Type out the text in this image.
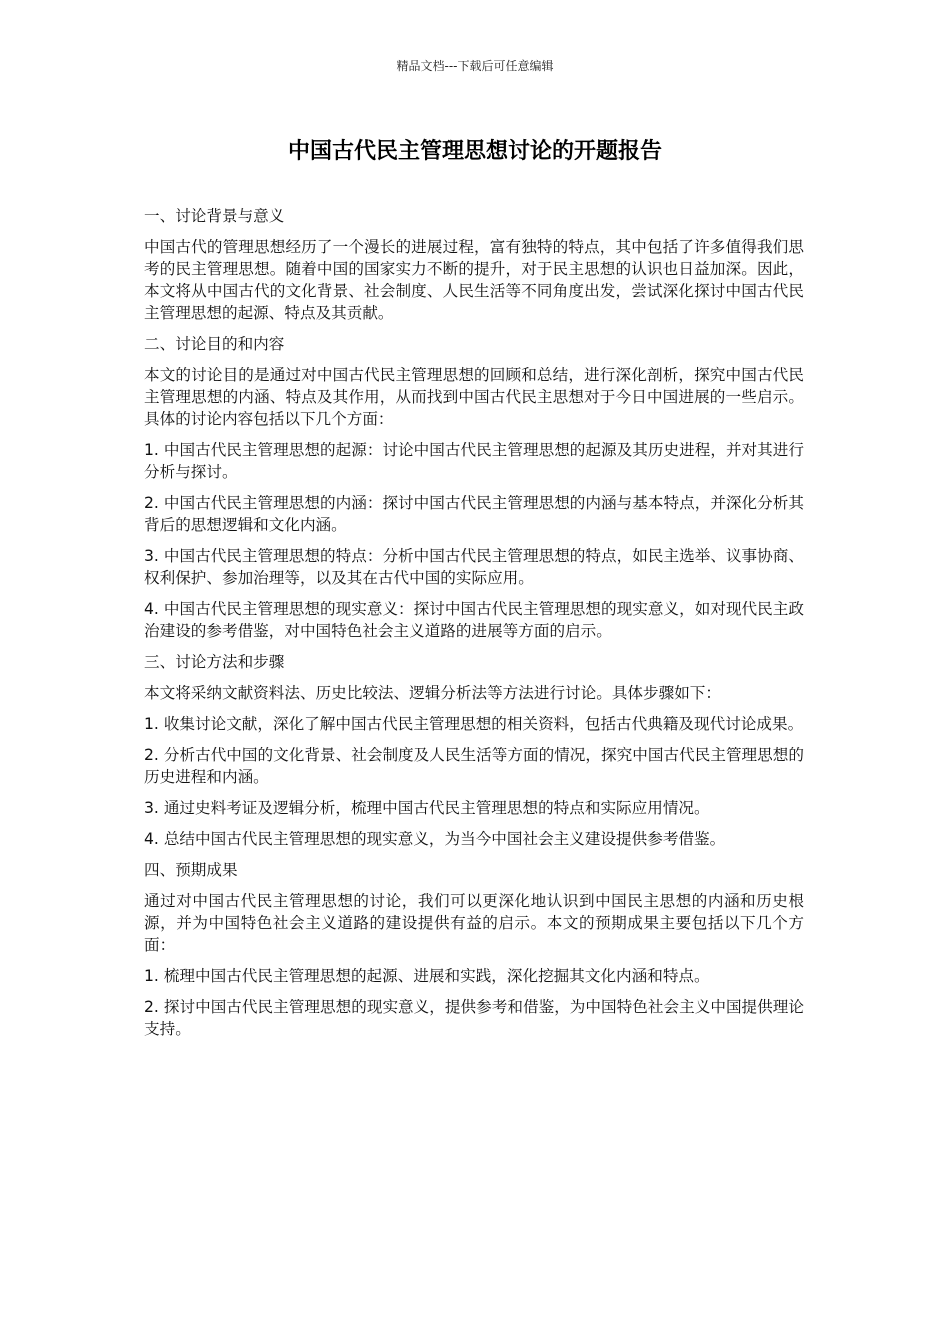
精品文档---下载后可任意编辑
中国古代民主管理思想讨论的开题报告

一、讨论背景与意义

中国古代的管理思想经历了一个漫长的进展过程，富有独特的特点，其中包括了许多值得我们思考的民主管理思想。随着中国的国家实力不断的提升，对于民主思想的认识也日益加深。因此，本文将从中国古代的文化背景、社会制度、人民生活等不同角度出发，尝试深化探讨中国古代民主管理思想的起源、特点及其贡献。

二、讨论目的和内容

本文的讨论目的是通过对中国古代民主管理思想的回顾和总结，进行深化剖析，探究中国古代民主管理思想的内涵、特点及其作用，从而找到中国古代民主思想对于今日中国进展的一些启示。具体的讨论内容包括以下几个方面：

1. 中国古代民主管理思想的起源：讨论中国古代民主管理思想的起源及其历史进程，并对其进行分析与探讨。

2. 中国古代民主管理思想的内涵：探讨中国古代民主管理思想的内涵与基本特点，并深化分析其背后的思想逻辑和文化内涵。

3. 中国古代民主管理思想的特点：分析中国古代民主管理思想的特点，如民主选举、议事协商、权利保护、参加治理等，以及其在古代中国的实际应用。

4. 中国古代民主管理思想的现实意义：探讨中国古代民主管理思想的现实意义，如对现代民主政治建设的参考借鉴，对中国特色社会主义道路的进展等方面的启示。

三、讨论方法和步骤

本文将采纳文献资料法、历史比较法、逻辑分析法等方法进行讨论。具体步骤如下：

1. 收集讨论文献，深化了解中国古代民主管理思想的相关资料，包括古代典籍及现代讨论成果。

2. 分析古代中国的文化背景、社会制度及人民生活等方面的情况，探究中国古代民主管理思想的历史进程和内涵。

3. 通过史料考证及逻辑分析，梳理中国古代民主管理思想的特点和实际应用情况。

4. 总结中国古代民主管理思想的现实意义，为当今中国社会主义建设提供参考借鉴。

四、预期成果

通过对中国古代民主管理思想的讨论，我们可以更深化地认识到中国民主思想的内涵和历史根源，并为中国特色社会主义道路的建设提供有益的启示。本文的预期成果主要包括以下几个方面：

1. 梳理中国古代民主管理思想的起源、进展和实践，深化挖掘其文化内涵和特点。

2. 探讨中国古代民主管理思想的现实意义，提供参考和借鉴，为中国特色社会主义中国提供理论支持。
